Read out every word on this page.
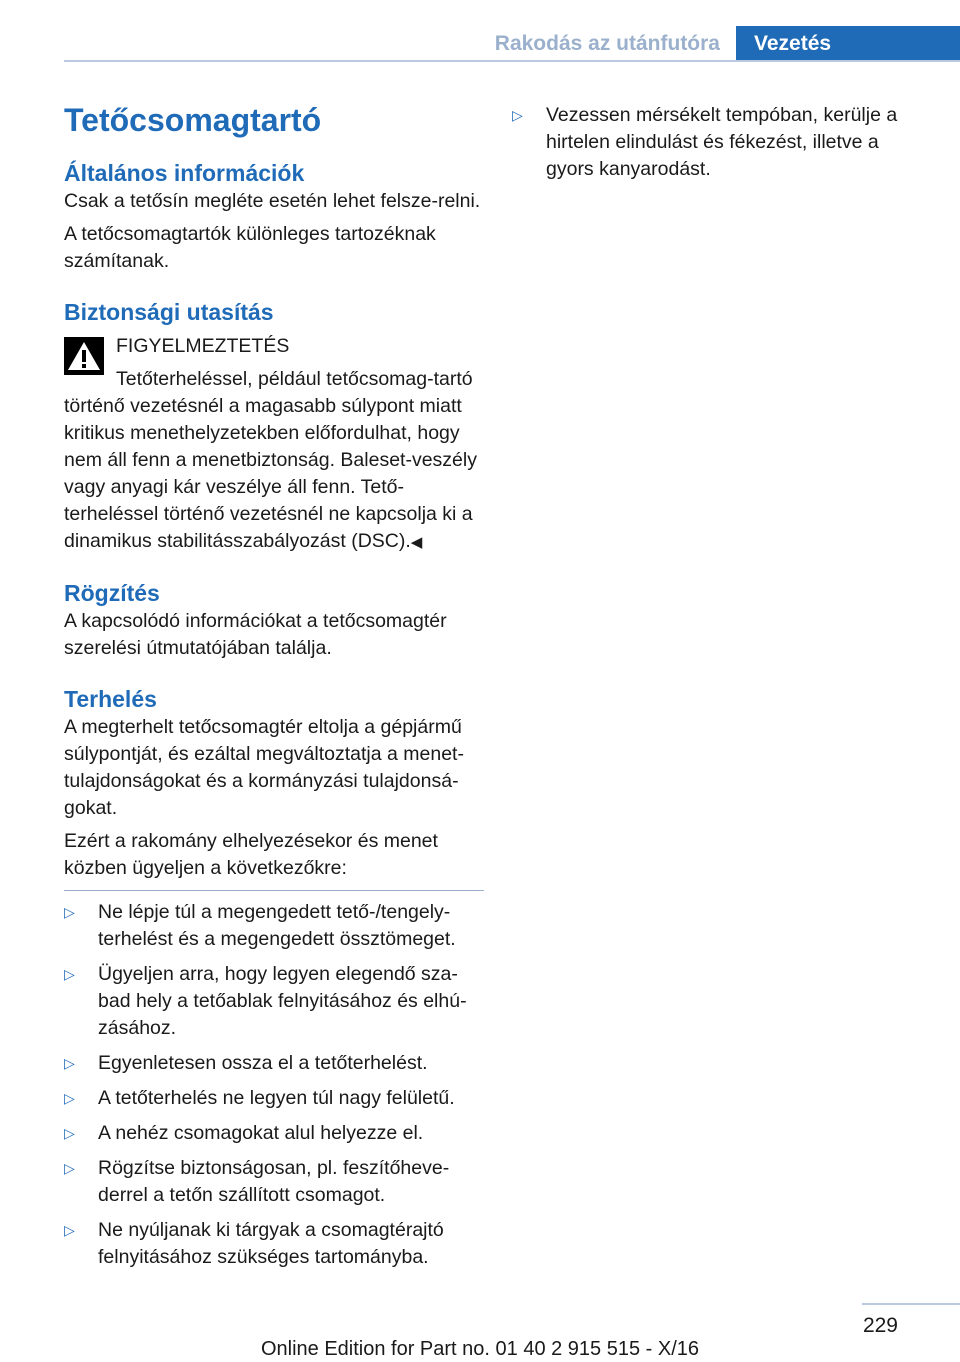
Rakodás az utánfutóra	Vezetés
Tetőcsomagtartó
Általános információk

Csak a tetősín megléte esetén lehet felsze-relni.

A tetőcsomagtartók különleges tartozéknak számítanak.

Biztonsági utasítás

FIGYELMEZTETÉS

Tetőterheléssel, például tetőcsomag-tartó történő vezetésnél a magasabb súlypont miatt kritikus menethelyzetekben előfordulhat, hogy nem áll fenn a menetbiztonság. Baleset-veszély vagy anyagi kár veszélye áll fenn. Tető-terheléssel történő vezetésnél ne kapcsolja ki a dinamikus stabilitásszabályozást (DSC).◀

Rögzítés

A kapcsolódó információkat a tetőcsomagtér szerelési útmutatójában találja.

Terhelés

A megterhelt tetőcsomagtér eltolja a gépjármű súlypontját, és ezáltal megváltoztatja a menet-tulajdonságokat és a kormányzási tulajdonsá-gokat.

Ezért a rakomány elhelyezésekor és menet közben ügyeljen a következőkre:

▷	Ne lépje túl a megengedett tető-/tengely-terhelést és a megengedett össztömeget.
▷	Ügyeljen arra, hogy legyen elegendő sza-bad hely a tetőablak felnyitásához és elhú-zásához.
▷	Egyenletesen ossza el a tetőterhelést.
▷	A tetőterhelés ne legyen túl nagy felületű.
▷	A nehéz csomagokat alul helyezze el.
▷	Rögzítse biztonságosan, pl. feszítőheve-derrel a tetőn szállított csomagot.
▷	Ne nyúljanak ki tárgyak a csomagtérajtó felnyitásához szükséges tartományba.
▷	Vezessen mérsékelt tempóban, kerülje a hirtelen elindulást és fékezést, illetve a gyors kanyarodást.
229
Online Edition for Part no. 01 40 2 915 515 - X/16
